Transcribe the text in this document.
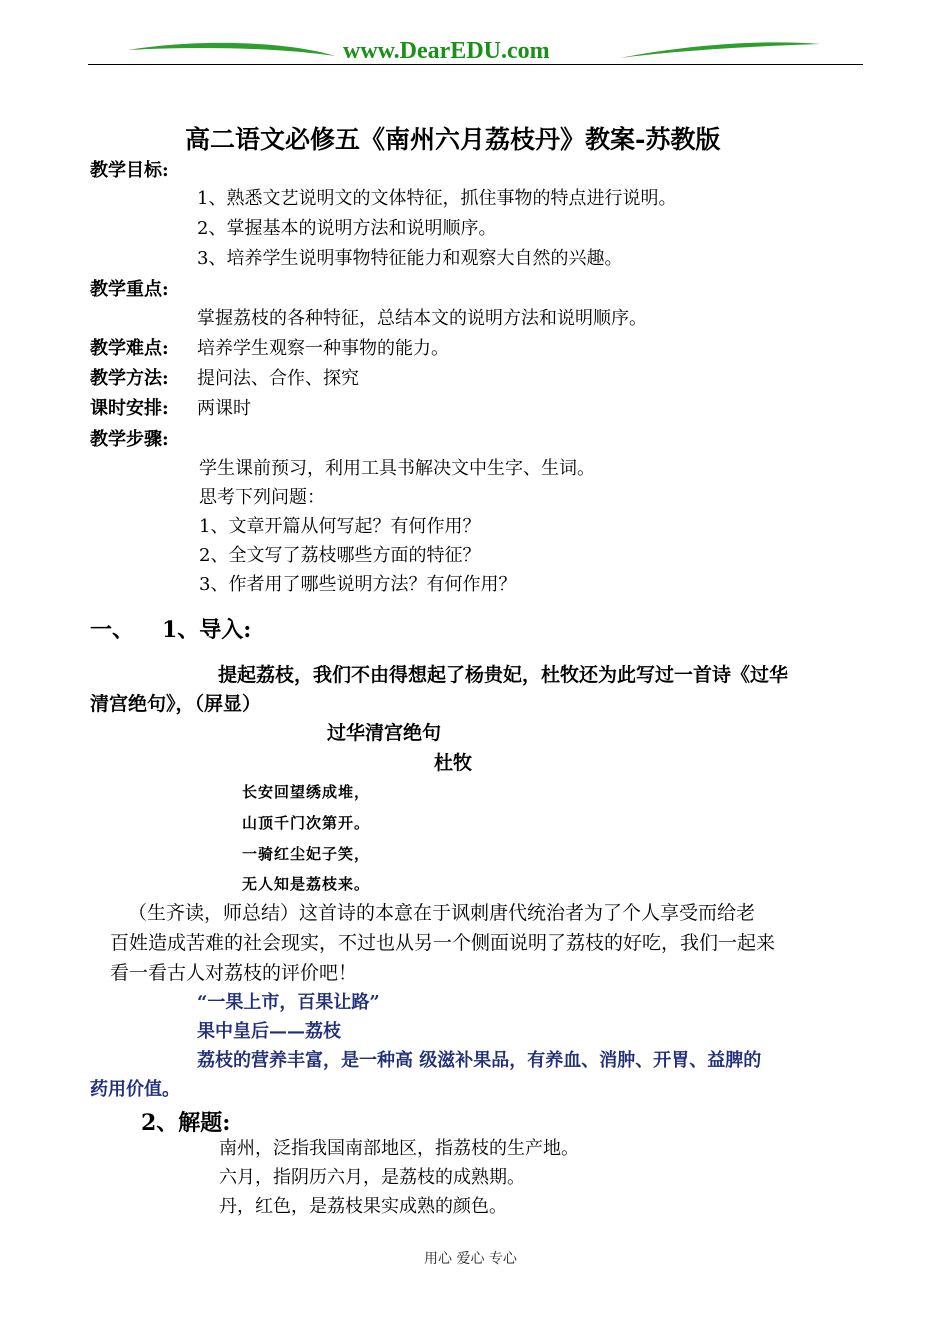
www.DearEDU.com
高二语文必修五《南州六月荔枝丹》教案-苏教版
教学目标:
1、熟悉文艺说明文的文体特征，抓住事物的特点进行说明。
2、掌握基本的说明方法和说明顺序。
3、培养学生说明事物特征能力和观察大自然的兴趣。
教学重点:
掌握荔枝的各种特征，总结本文的说明方法和说明顺序。
教学难点: 培养学生观察一种事物的能力。
教学方法: 提问法、合作、探究
课时安排: 两课时
教学步骤:
学生课前预习，利用工具书解决文中生字、生词。
思考下列问题：
1、文章开篇从何写起？有何作用？
2、全文写了荔枝哪些方面的特征？
3、作者用了哪些说明方法？有何作用？
一、 1、导入:
提起荔枝，我们不由得想起了杨贵妃，杜牧还为此写过一首诗《过华
清宫绝句》，（屏显）
过华清宫绝句
杜牧
长安回望绣成堆，
山顶千门次第开。
一骑红尘妃子笑，
无人知是荔枝来。
（生齐读，师总结）这首诗的本意在于讽刺唐代统治者为了个人享受而给老
百姓造成苦难的社会现实，不过也从另一个侧面说明了荔枝的好吃，我们一起来
看一看古人对荔枝的评价吧！
“一果上市，百果让路”
果中皇后——荔枝
荔枝的营养丰富，是一种高 级滋补果品，有养血、消肿、开胃、益脾的
药用价值。
2、解题:
南州，泛指我国南部地区，指荔枝的生产地。
六月，指阴历六月，是荔枝的成熟期。
丹，红色，是荔枝果实成熟的颜色。
用心 爱心 专心
